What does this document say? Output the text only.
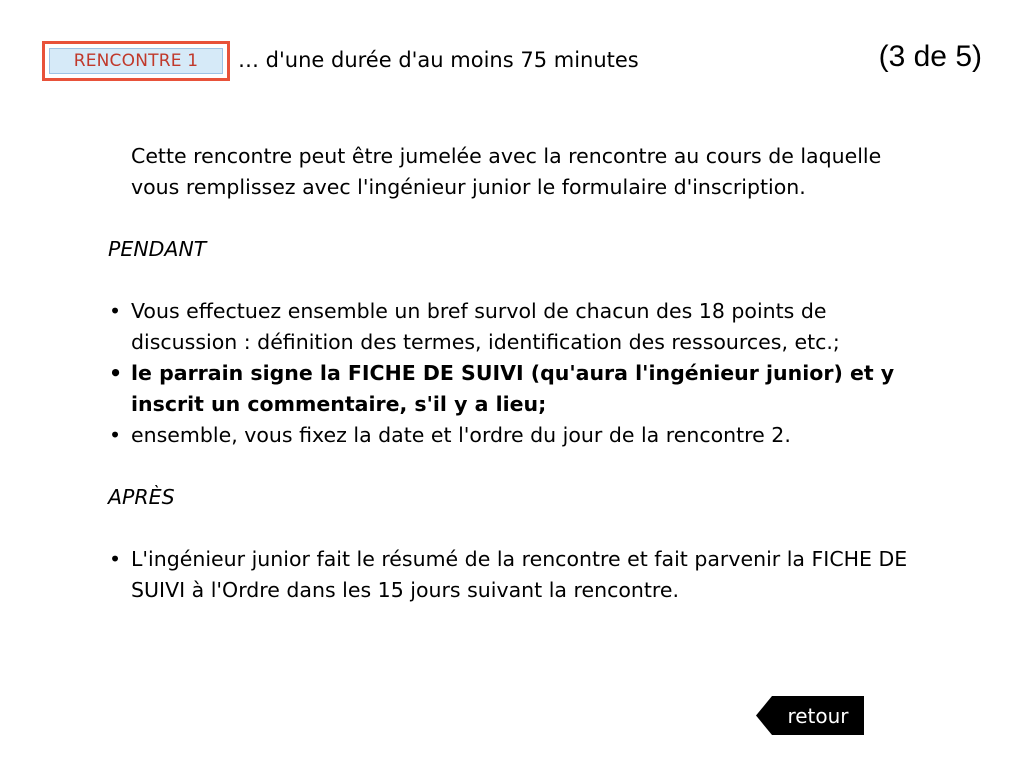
RENCONTRE 1	… d'une durée d'au moins 75 minutes	(3 de 5)

Cette rencontre peut être jumelée avec la rencontre au cours de laquelle vous remplissez avec l'ingénieur junior le formulaire d'inscription.

PENDANT

• Vous effectuez ensemble un bref survol de chacun des 18 points de discussion : définition des termes, identification des ressources, etc.;
• le parrain signe la FICHE DE SUIVI (qu'aura l'ingénieur junior) et y inscrit un commentaire, s'il y a lieu;
• ensemble, vous fixez la date et l'ordre du jour de la rencontre 2.

APRÈS

• L'ingénieur junior fait le résumé de la rencontre et fait parvenir la FICHE DE SUIVI à l'Ordre dans les 15 jours suivant la rencontre.
retour
